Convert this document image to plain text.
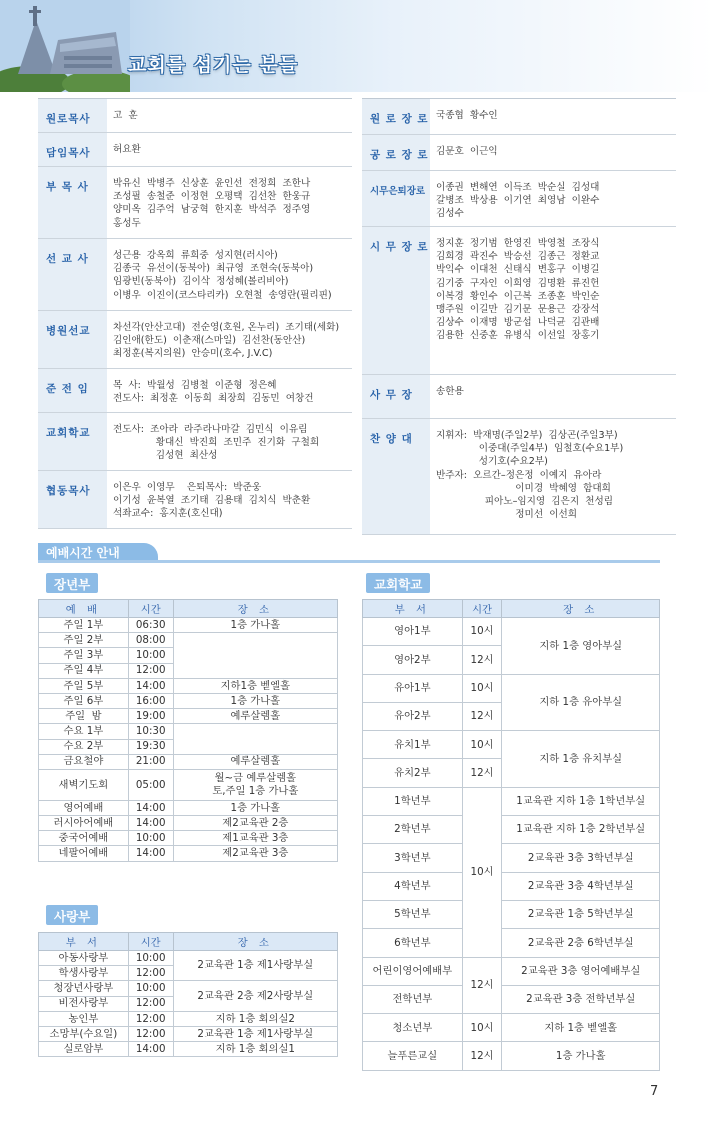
교회를 섬기는 분들
원로목사	고  훈
담임목사	허요환
부 목 사	박유신  박병주  신상훈  윤인선  전정희  조한나
조성필  송철준  이정현  오평택  김선찬  한웅규
양미옥  김주억  남궁혁  한지훈  박석주  정주영
홍성두
선 교 사	성근용  강옥희  류희중  성지현(러시아)
김종국  유선이(동북아)  최규영  조현숙(동북아)
임광빈(동북아)  김이삭  정성혜(볼리비아)
이병우  이진이(코스타리카)  오현철  송영란(필리핀)
병원선교	차선각(안산고대)  전순영(호원, 온누리)  조기태(세화)
김인애(한도)  이춘재(스마일)  김선찬(동안산)
최정훈(복지의원)  안승미(호수, J.V.C)
준 전 임	목  사:  박월성  김병철  이준형  정은혜
전도사:  최정훈  이동희  최장희  김동민  여창건
교회학교	전도사:  조아라  라주라나마갈  김민식  이유림
황대신  박진희  조민주  진기화  구철희
김성현  최산성
협동목사	이은우  이영무    은퇴목사:  박준웅
이기성  윤복열  조기태  김용태  김치식  박춘환
석좌교수:  홍지훈(호신대)
원 로 장 로 국종협  황수인
공 로 장 로 김문호  이근익
시무은퇴장로	이종권  변해연  이득조  박순실  김성대
갈병조  박상용  이기연  최영남  이완수
김성수
시 무 장 로 정지훈  정기범  한영진  박영철  조장식
김희경  곽진수  박승선  김종근  정환교
박익수  이대천  신태식  변홍구  이병길
김기중  구자인  이희영  김명환  류진헌
이복경  황인수  이근복  조종훈  박인순
맹주원  이길만  김기문  문용근  강장석
김상수  이재명  방군섭  나덕균  김관배
김용한  신중훈  유병식  이선일  장홍기
사 무 장	송한용
찬 양 대	지휘자:  박재명(주일2부)  김상곤(주일3부)
이중대(주일4부)  임철호(수요1부)
성기호(수요2부)
반주자:  오르간–정은정  이예지  유아라
이미경  박혜영  함대희
피아노–임지영  김은지  천성림
정미선  이선희
예배시간 안내
장년부
예 배	시간	장 소
주일 1부	06:30	1층 가나홀
주일 2부	08:00	
주일 3부	10:00	
주일 4부	12:00	
주일 5부	14:00	지하1층 벧엘홀
주일 6부	16:00	1층 가나홀
주일  밤	19:00	예루살렘홀
수요 1부	10:30	
수요 2부	19:30	
금요철야	21:00	예루살렘홀
새벽기도회	05:00	월~금 예루살렘홀
토,주일 1층 가나홀
영어예배	14:00	1층 가나홀
러시아어예배	14:00	제2교육관 2층
중국어예배	10:00	제1교육관 3층
네팔어예배	14:00	제2교육관 3층
사랑부
부 서	시간	장 소
아동사랑부	10:00	2교육관 1층 제1사랑부실
학생사랑부	12:00	
청장년사랑부	10:00	2교육관 2층 제2사랑부실
비전사랑부	12:00	
농인부	12:00	지하 1층 회의실2
소망부(수요일)	12:00	2교육관 1층 제1사랑부실
실로암부	14:00	지하 1층 회의실1
교회학교
부 서	시간	장 소
영아1부	10시	지하 1층 영아부실
영아2부	12시	
유아1부	10시	지하 1층 유아부실
유아2부	12시	
유치1부	10시	지하 1층 유치부실
유치2부	12시	
1학년부	10시	1교육관 지하 1층 1학년부실
2학년부		1교육관 지하 1층 2학년부실
3학년부		2교육관 3층 3학년부실
4학년부		2교육관 3층 4학년부실
5학년부		2교육관 1층 5학년부실
6학년부		2교육관 2층 6학년부실
어린이영어예배부	12시	2교육관 3층 영어예배부실
전학년부		2교육관 3층 전학년부실
청소년부	10시	지하 1층 벧엘홀
늘푸른교실	12시	1층 가나홀
7
